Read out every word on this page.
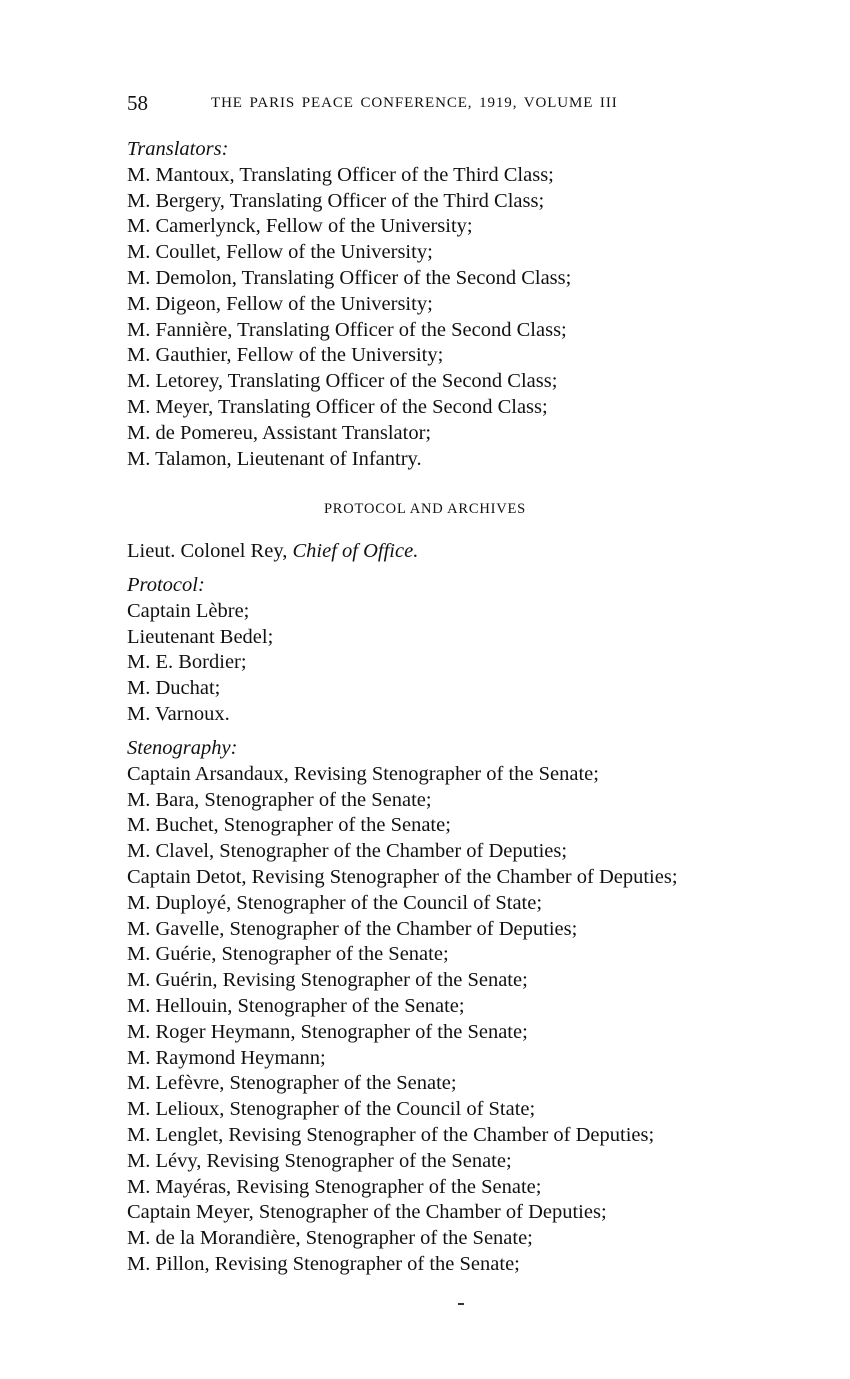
58	THE PARIS PEACE CONFERENCE, 1919, VOLUME III
Translators:
M. Mantoux, Translating Officer of the Third Class;
M. Bergery, Translating Officer of the Third Class;
M. Camerlynck, Fellow of the University;
M. Coullet, Fellow of the University;
M. Demolon, Translating Officer of the Second Class;
M. Digeon, Fellow of the University;
M. Fannière, Translating Officer of the Second Class;
M. Gauthier, Fellow of the University;
M. Letorey, Translating Officer of the Second Class;
M. Meyer, Translating Officer of the Second Class;
M. de Pomereu, Assistant Translator;
M. Talamon, Lieutenant of Infantry.
PROTOCOL AND ARCHIVES
Lieut. Colonel Rey, Chief of Office.
Protocol:
Captain Lèbre;
Lieutenant Bedel;
M. E. Bordier;
M. Duchat;
M. Varnoux.
Stenography:
Captain Arsandaux, Revising Stenographer of the Senate;
M. Bara, Stenographer of the Senate;
M. Buchet, Stenographer of the Senate;
M. Clavel, Stenographer of the Chamber of Deputies;
Captain Detot, Revising Stenographer of the Chamber of Deputies;
M. Duployé, Stenographer of the Council of State;
M. Gavelle, Stenographer of the Chamber of Deputies;
M. Guérie, Stenographer of the Senate;
M. Guérin, Revising Stenographer of the Senate;
M. Hellouin, Stenographer of the Senate;
M. Roger Heymann, Stenographer of the Senate;
M. Raymond Heymann;
M. Lefèvre, Stenographer of the Senate;
M. Lelioux, Stenographer of the Council of State;
M. Lenglet, Revising Stenographer of the Chamber of Deputies;
M. Lévy, Revising Stenographer of the Senate;
M. Mayéras, Revising Stenographer of the Senate;
Captain Meyer, Stenographer of the Chamber of Deputies;
M. de la Morandière, Stenographer of the Senate;
M. Pillon, Revising Stenographer of the Senate;
